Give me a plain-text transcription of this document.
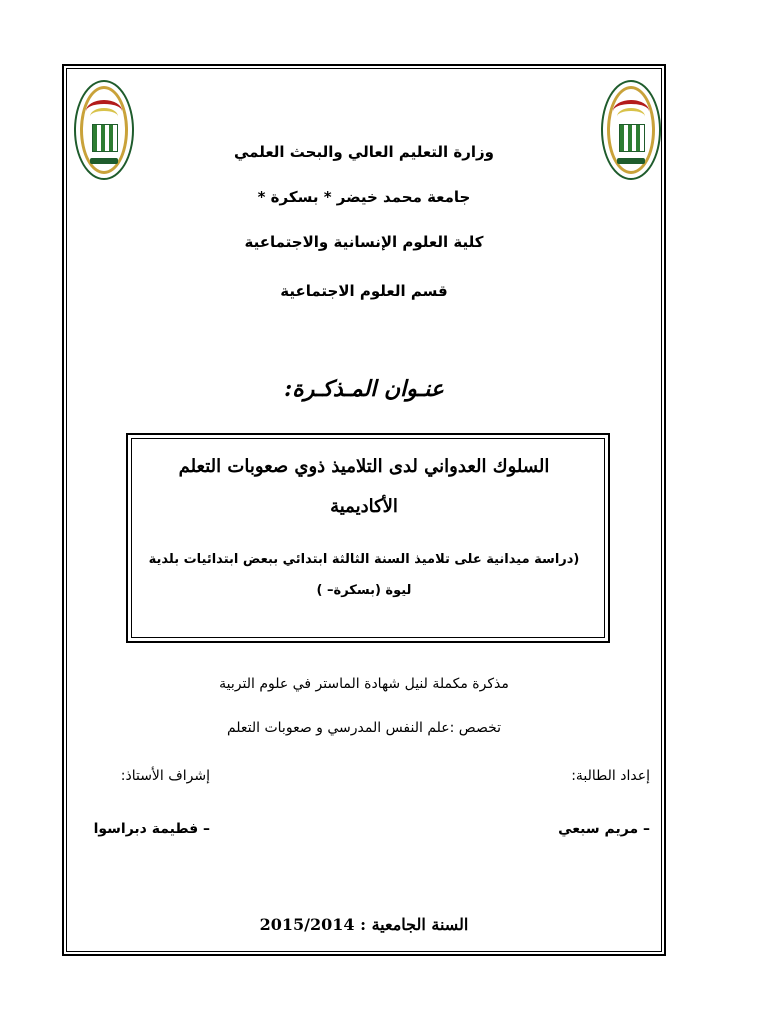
وزارة التعليم العالي والبحث العلمي
جامعة محمد خيضر * بسكرة *
كلية العلوم الإنسانية والاجتماعية
قسم العلوم الاجتماعية
عنـوان المـذكـرة:
السلوك العدواني لدى التلاميذ ذوي صعوبات التعلم
الأكاديمية
(دراسة ميدانية على تلاميذ السنة الثالثة ابتدائي ببعض ابتدائيات بلدية
ليوة (بسكرة– )
مذكرة مكملة لنيل شهادة الماستر في علوم التربية
تخصص :علم النفس المدرسي و صعوبات التعلم
إعداد الطالبة:
إشراف الأستاذ:
– مريم سبعي
– فطيمة دبراسوا
السنة الجامعية : 2015/2014
